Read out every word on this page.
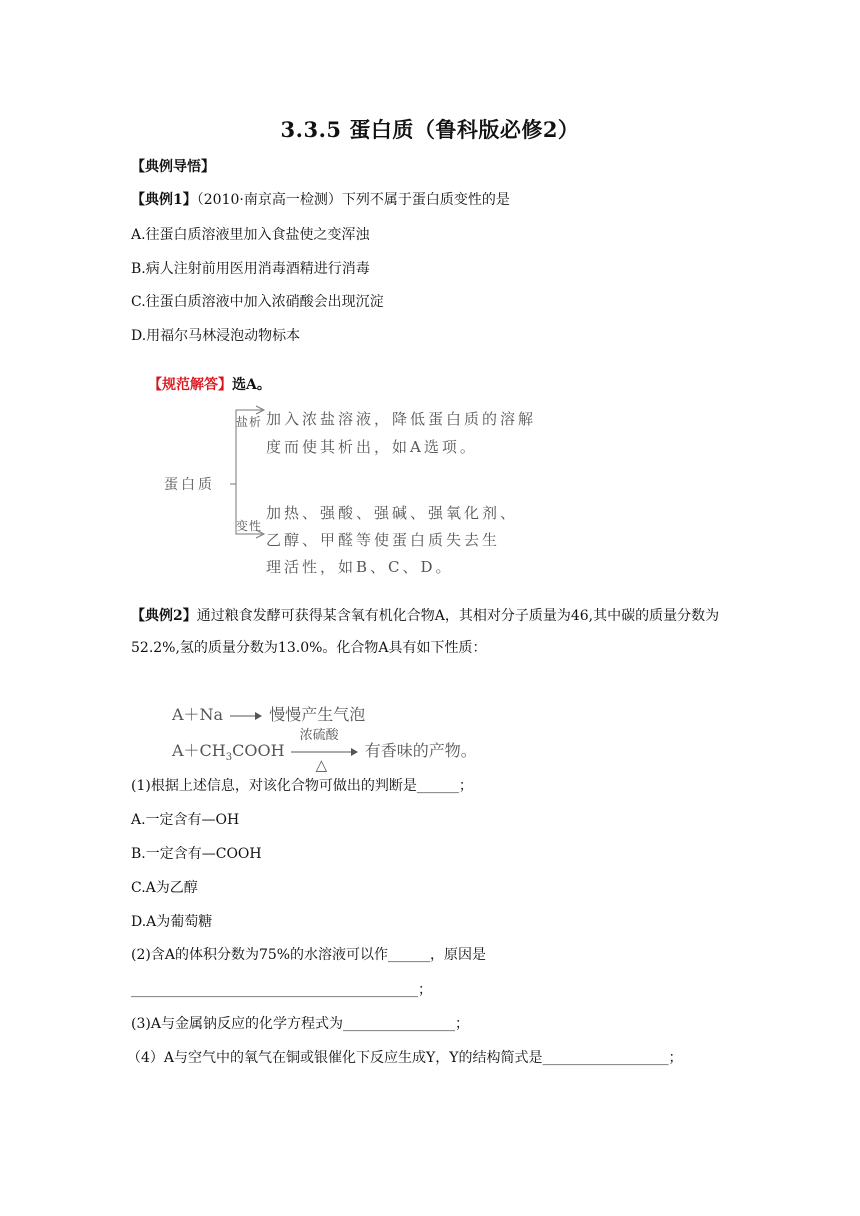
3.3.5 蛋白质（鲁科版必修2）
【典例导悟】
【典例1】（2010·南京高一检测）下列不属于蛋白质变性的是
A.往蛋白质溶液里加入食盐使之变浑浊
B.病人注射前用医用消毒酒精进行消毒
C.往蛋白质溶液中加入浓硝酸会出现沉淀
D.用福尔马林浸泡动物标本
【规范解答】选A。
蛋白质
盐析 加入浓盐溶液，降低蛋白质的溶解
度而使其析出，如A选项。
变性
加热、强酸、强碱、强氧化剂、
乙醇、甲醛等使蛋白质失去生
理活性，如B、C、D。
【典例2】通过粮食发酵可获得某含氧有机化合物A，其相对分子质量为46,其中碳的质量分数为52.2%,氢的质量分数为13.0%。化合物A具有如下性质：
A＋Na	慢慢产生气泡
$A+CH_3COOH$
浓硫酸
△
有香味的产物。
(1)根据上述信息，对该化合物可做出的判断是______；
A.一定含有—OH
B.一定含有—COOH
C.A为乙醇
D.A为葡萄糖
(2)含A的体积分数为75%的水溶液可以作______，原因是
_________________________________________；
(3)A与金属钠反应的化学方程式为________________；
（4）A与空气中的氧气在铜或银催化下反应生成Y，Y的结构简式是__________________；
